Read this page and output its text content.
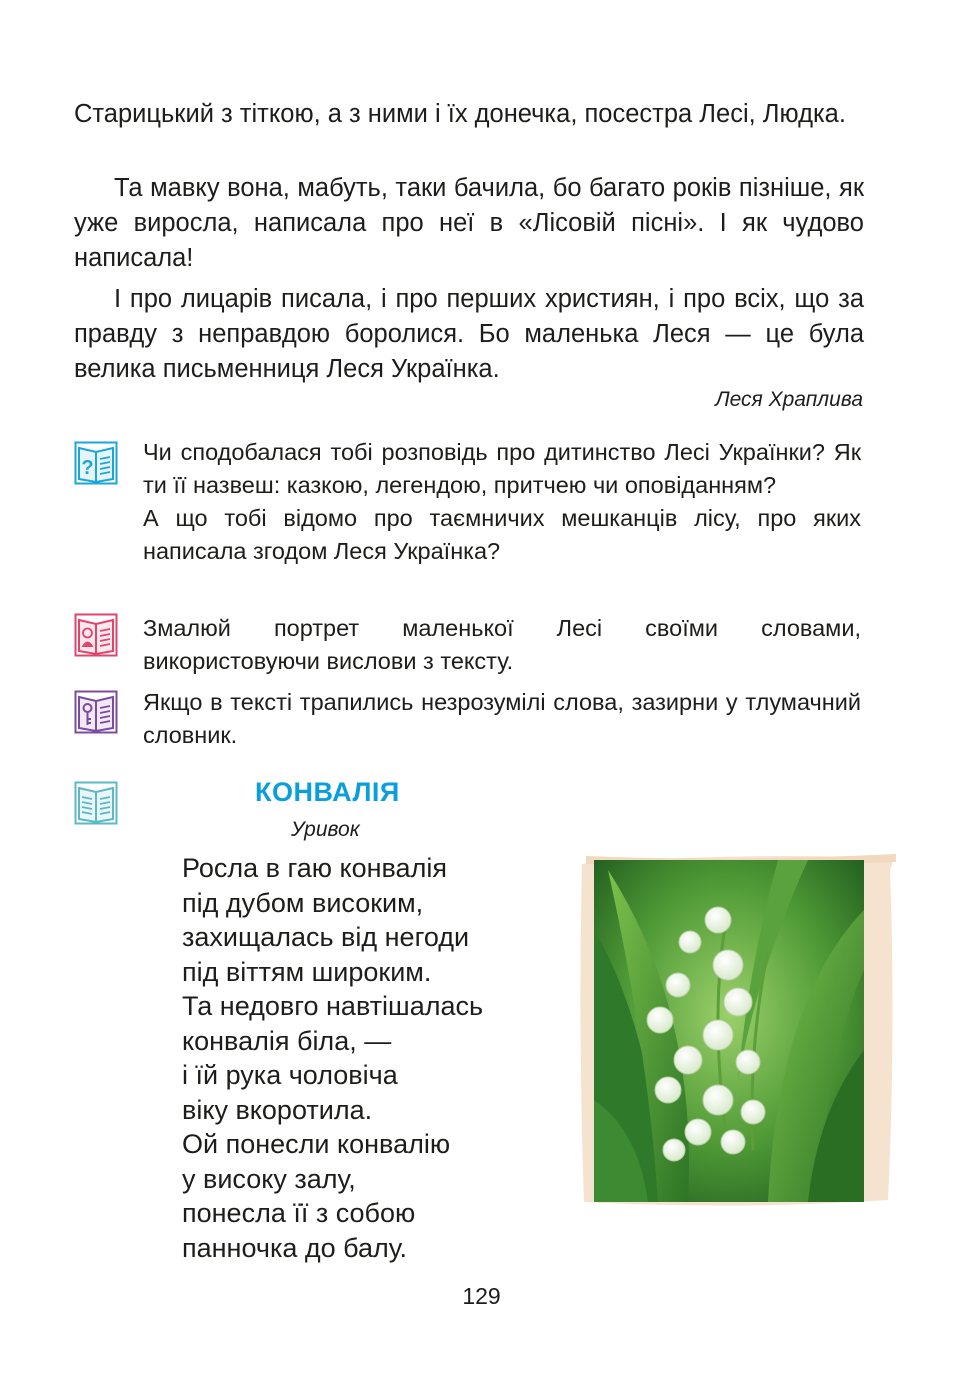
Старицький з тіткою, а з ними і їх донечка, посестра Лесі, Людка.

Та мавку вона, мабуть, таки бачила, бо багато років пізніше, як уже виросла, написала про неї в «Лісовій пісні». І як чудово написала!

І про лицарів писала, і про перших християн, і про всіх, що за правду з неправдою боролися. Бо маленька Леся — це була велика письменниця Леся Українка.

Леся Храплива
?
Чи сподобалася тобі розповідь про дитинство Лесі Українки? Як ти її назвеш: казкою, легендою, притчею чи оповіданням?
А що тобі відомо про таємничих мешканців лісу, про яких написала згодом Леся Українка?
Змалюй портрет маленької Лесі своїми словами, використовуючи вислови з тексту.
Якщо в тексті трапились незрозумілі слова, зазирни у тлумачний словник.
КОНВАЛІЯ
Уривок
Росла в гаю конвалія
під дубом високим,
захищалась від негоди
під віттям широким.
Та недовго навтішалась
конвалія біла, —
і їй рука чоловіча
віку вкоротила.
Ой понесли конвалію
у високу залу,
понесла її з собою
панночка до балу.
129
